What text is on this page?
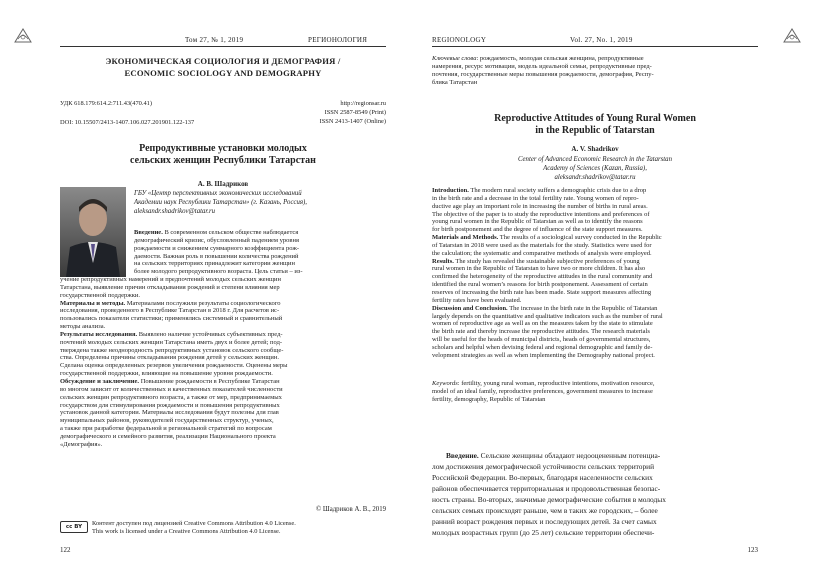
Том 27, № 1, 2019	РЕГИОНОЛОГИЯ
ЭКОНОМИЧЕСКАЯ СОЦИОЛОГИЯ И ДЕМОГРАФИЯ /
ECONOMIC SOCIOLOGY AND DEMOGRAPHY
УДК 618.179:614.2:711.43(470.41)
DOI: 10.15507/2413-1407.106.027.201901.122-137
http://regionsar.ru
ISSN 2587-8549 (Print)
ISSN 2413-1407 (Online)
Репродуктивные установки молодых
сельских женщин Республики Татарстан
А. В. Шадриков
ГБУ «Центр перспективных экономических исследований
Академии наук Республики Татарстан» (г. Казань, Россия),
aleksandr.shadrikov@tatar.ru
Введение. В современном сельском обществе наблюдается
демографический кризис, обусловленный падением уровня
рождаемости и снижением суммарного коэффициента рож-
даемости. Важная роль в повышении количества рождений
на сельских территориях принадлежит категории женщин
более молодого репродуктивного возраста. Цель статьи – из-
учение репродуктивных намерений и предпочтений молодых сельских женщин
Татарстана, выявление причин откладывания рождений и степени влияния мер
государственной поддержки.
Материалы и методы. Материалами послужили результаты социологического
исследования, проведенного в Республике Татарстан в 2018 г. Для расчетов ис-
пользовались показатели статистики; применялись системный и сравнительный
методы анализа.
Результаты исследования. Выявлено наличие устойчивых субъективных пред-
почтений молодых сельских женщин Татарстана иметь двух и более детей; под-
тверждена также неоднородность репродуктивных установок сельского сообще-
ства. Определены причины откладывания рождения детей у сельских женщин.
Сделана оценка определенных резервов увеличения рождаемости. Оценены меры
государственной поддержки, влияющие на повышение уровня рождаемости.
Обсуждение и заключение. Повышение рождаемости в Республике Татарстан
во многом зависит от количественных и качественных показателей численности
сельских женщин репродуктивного возраста, а также от мер, предпринимаемых
государством для стимулирования рождаемости и повышения репродуктивных
установок данной категории. Материалы исследования будут полезны для глав
муниципальных районов, руководителей государственных структур, ученых,
а также при разработке федеральной и региональной стратегий по вопросам
демографического и семейного развития, реализации Национального проекта
«Демография».
© Шадриков А. В., 2019
cc BY	Контент доступен под лицензией Creative Commons Attribution 4.0 License.
This work is licensed under a Creative Commons Attribution 4.0 License.
122
REGIONOLOGY	Vol. 27, No. 1, 2019
Ключевые слова: рождаемость, молодая сельская женщина, репродуктивные
намерения, ресурс мотивации, модель идеальной семьи, репродуктивные пред-
почтения, государственные меры повышения рождаемости, демография, Респу-
блика Татарстан
Reproductive Attitudes of Young Rural Women
in the Republic of Tatarstan
A. V. Shadrikov
Center of Advanced Economic Research in the Tatarstan
Academy of Sciences (Kazan, Russia),
aleksandr.shadrikov@tatar.ru
Introduction. The modern rural society suffers a demographic crisis due to a drop
in the birth rate and a decrease in the total fertility rate. Young women of repro-
ductive age play an important role in increasing the number of births in rural areas.
The objective of the paper is to study the reproductive intentions and preferences of
young rural women in the Republic of Tatarstan as well as to identify the reasons
for birth postponement and the degree of influence of the state support measures.
Materials and Methods. The results of a sociological survey conducted in the Republic
of Tatarstan in 2018 were used as the materials for the study. Statistics were used for
the calculation; the systematic and comparative methods of analysis were employed.
Results. The study has revealed the sustainable subjective preferences of young
rural women in the Republic of Tatarstan to have two or more children. It has also
confirmed the heterogeneity of the reproductive attitudes in the rural community and
identified the rural women’s reasons for birth postponement. Assessment of certain
reserves of increasing the birth rate has been made. State support measures affecting
fertility rates have been evaluated.
Discussion and Conclusion. The increase in the birth rate in the Republic of Tatarstan
largely depends on the quantitative and qualitative indicators such as the number of rural
women of reproductive age as well as on the measures taken by the state to stimulate
the birth rate and thereby increase the reproductive attitudes. The research materials
will be useful for the heads of municipal districts, heads of governmental structures,
scholars and helpful when devising federal and regional demographic and family de-
velopment strategies as well as when implementing the Demography national project.
Keywords: fertility, young rural woman, reproductive intentions, motivation resource,
model of an ideal family, reproductive preferences, government measures to increase
fertility, demography, Republic of Tatarstan
Введение. Сельские женщины обладают недооцененным потенциа-
лом достижения демографической устойчивости сельских территорий
Российской Федерации. Во-первых, благодаря населенности сельских
районов обеспечивается территориальная и продовольственная безопас-
ность страны. Во-вторых, значимые демографические события в молодых
сельских семьях происходят раньше, чем в таких же городских, – более
ранний возраст рождения первых и последующих детей. За счет самых
молодых возрастных групп (до 25 лет) сельские территории обеспечи-
123
